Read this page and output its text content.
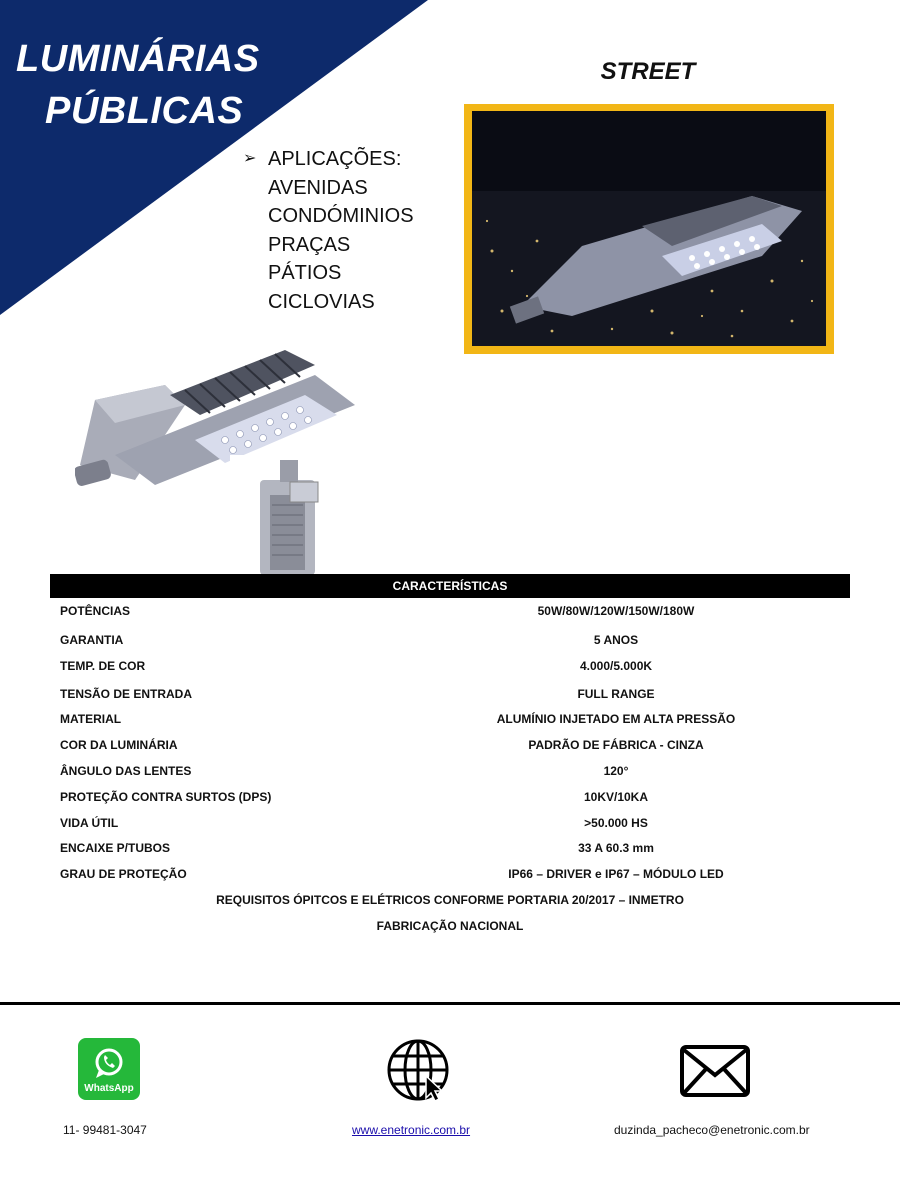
LUMINÁRIAS
PÚBLICAS
STREET
➢ APLICAÇÕES:
AVENIDAS
CONDÓMINIOS
PRAÇAS
PÁTIOS
CICLOVIAS
CARACTERÍSTICAS
POTÊNCIAS	50W/80W/120W/150W/180W
GARANTIA	5 ANOS
TEMP. DE COR	4.000/5.000K
TENSÃO DE ENTRADA	FULL RANGE
MATERIAL	ALUMÍNIO INJETADO EM ALTA PRESSÃO
COR DA LUMINÁRIA	PADRÃO DE FÁBRICA - CINZA
ÂNGULO DAS LENTES	120°
PROTEÇÃO CONTRA SURTOS (DPS)	10KV/10KA
VIDA ÚTIL	>50.000 HS
ENCAIXE P/TUBOS	33 A 60.3 mm
GRAU DE PROTEÇÃO	IP66 – DRIVER e IP67 – MÓDULO LED
REQUISITOS ÓPITCOS E ELÉTRICOS CONFORME PORTARIA 20/2017 – INMETRO
FABRICAÇÃO NACIONAL
WhatsApp
11- 99481-3047	www.enetronic.com.br	duzinda_pacheco@enetronic.com.br
